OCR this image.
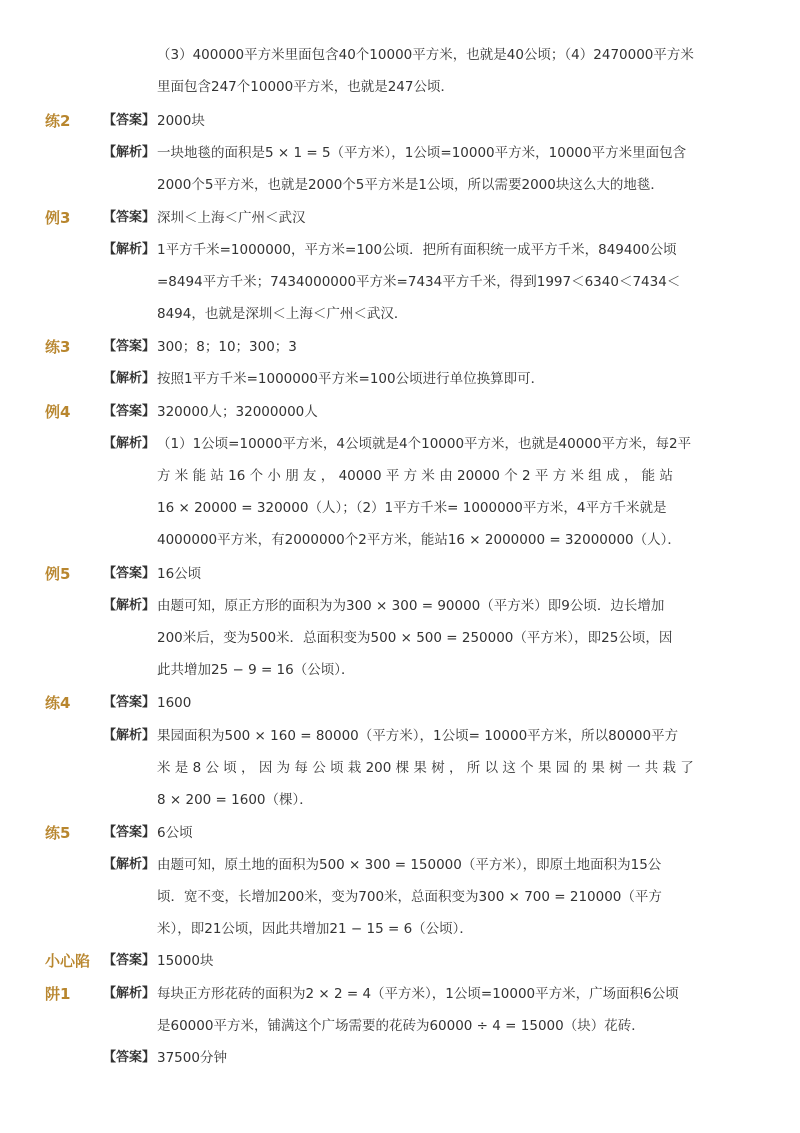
（3）400000平方米里面包含40个10000平方米，也就是40公顷；（4）2470000平方米
里面包含247个10000平方米，也就是247公顷．
练2	【答案】 2000块
【解析】 一块地毯的面积是5 × 1 = 5（平方米），1公顷=10000平方米，10000平方米里面包含
2000个5平方米，也就是2000个5平方米是1公顷，所以需要2000块这么大的地毯．
例3	【答案】 深圳＜上海＜广州＜武汉
【解析】 1平方千米=1000000，平方米=100公顷．把所有面积统一成平方千米，849400公顷
=8494平方千米；7434000000平方米=7434平方千米，得到1997＜6340＜7434＜
8494，也就是深圳＜上海＜广州＜武汉．
练3	【答案】 300；8；10；300；3
【解析】 按照1平方千米=1000000平方米=100公顷进行单位换算即可．
例4	【答案】 320000人；32000000人
【解析】 （1）1公顷=10000平方米，4公顷就是4个10000平方米，也就是40000平方米，每2平
方 米 能 站 16 个 小 朋 友 ， 40000 平 方 米 由 20000 个 2 平 方 米 组 成 ， 能 站
16 × 20000 = 320000（人）；（2）1平方千米= 1000000平方米，4平方千米就是
4000000平方米，有2000000个2平方米，能站16 × 2000000 = 32000000（人）．
例5	【答案】 16公顷
【解析】 由题可知，原正方形的面积为为300 × 300 = 90000（平方米）即9公顷．边长增加
200米后，变为500米．总面积变为500 × 500 = 250000（平方米），即25公顷，因
此共增加25 − 9 = 16（公顷）．
练4	【答案】 1600
【解析】 果园面积为500 × 160 = 80000（平方米），1公顷= 10000平方米，所以80000平方
米 是 8 公 顷 ， 因 为 每 公 顷 栽 200 棵 果 树 ， 所 以 这 个 果 园 的 果 树 一 共 栽 了
8 × 200 = 1600（棵）．
练5	【答案】 6公顷
【解析】 由题可知，原土地的面积为500 × 300 = 150000（平方米），即原土地面积为15公
顷．宽不变，长增加200米，变为700米，总面积变为300 × 700 = 210000（平方
米），即21公顷，因此共增加21 − 15 = 6（公顷）．
小心陷 【答案】 15000块
阱1	【解析】 每块正方形花砖的面积为2 × 2 = 4（平方米），1公顷=10000平方米，广场面积6公顷
是60000平方米，铺满这个广场需要的花砖为60000 ÷ 4 = 15000（块）花砖．
【答案】 37500分钟
